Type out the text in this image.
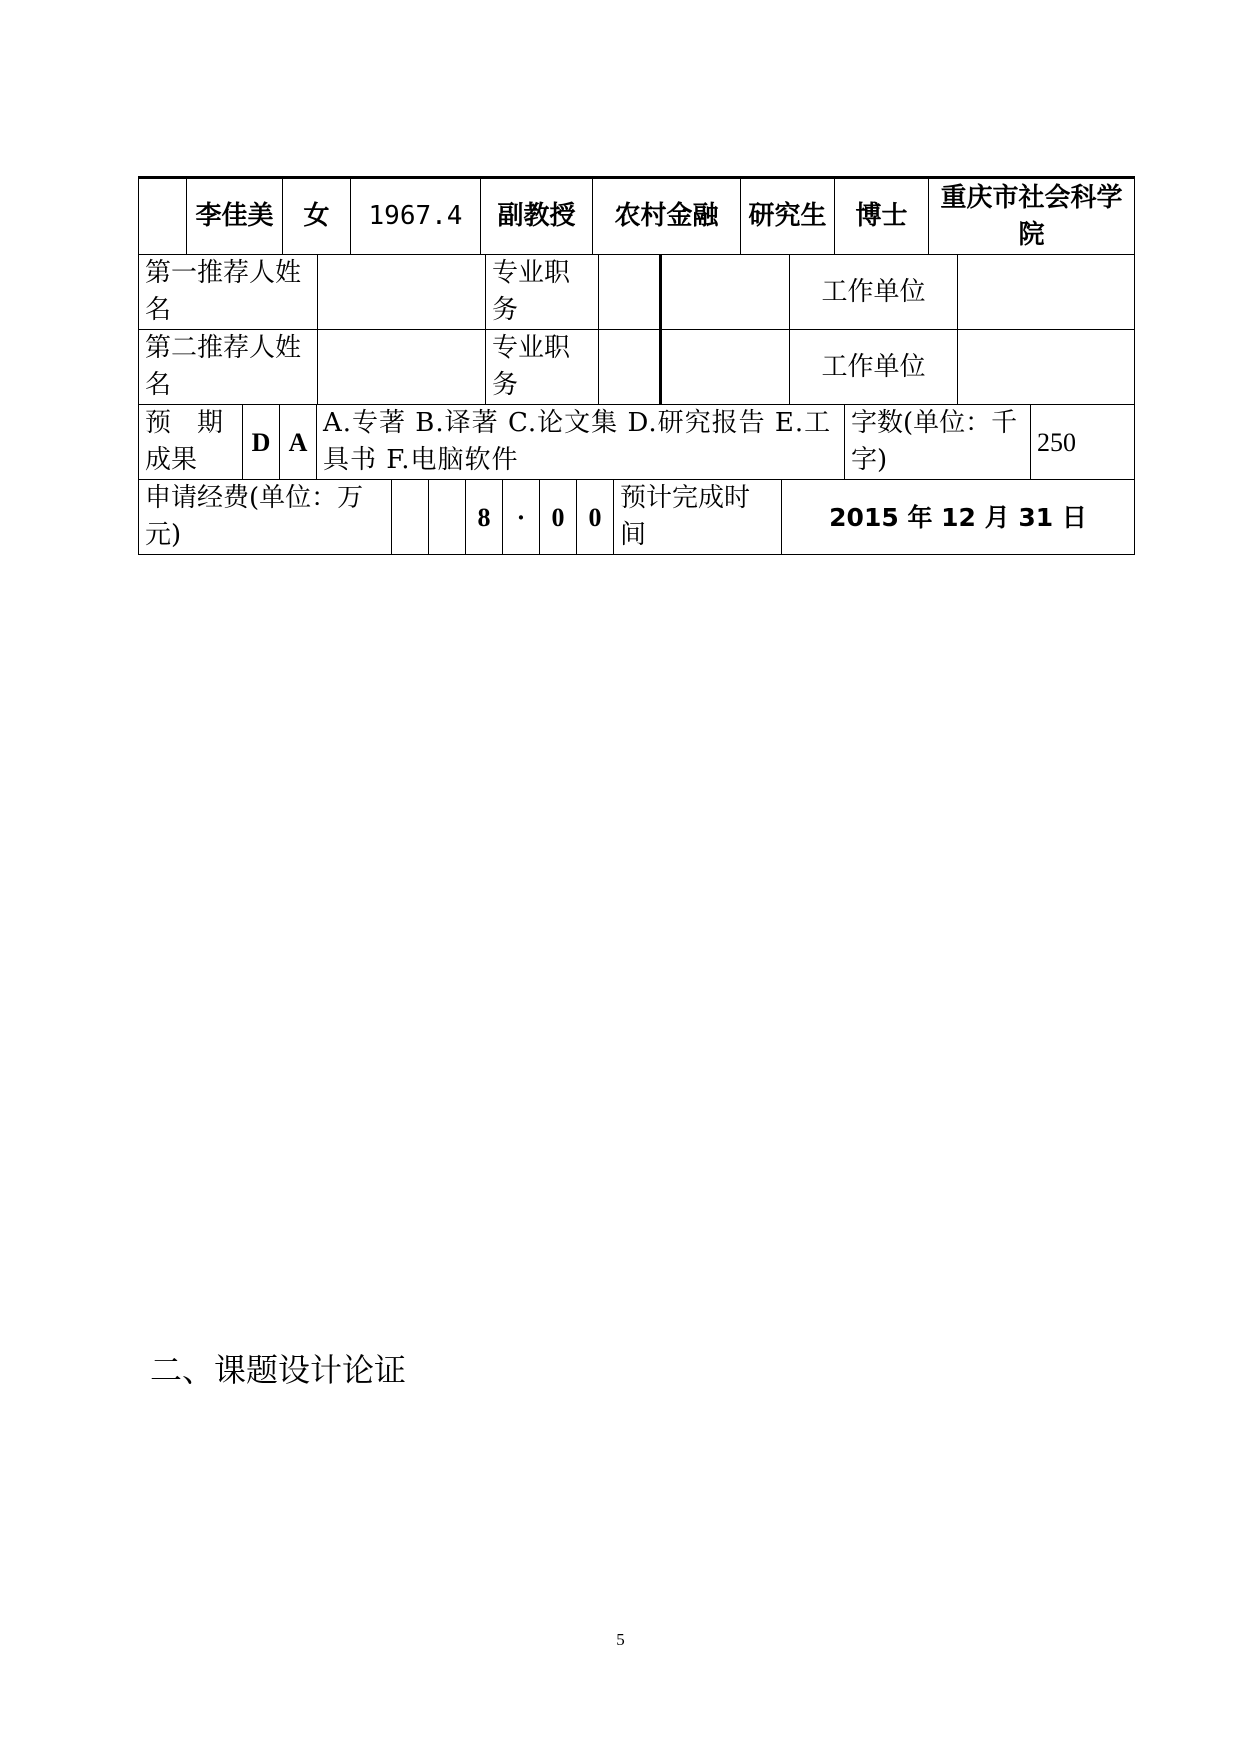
	李佳美	女	1967.4	副教授	农村金融	研究生	博士	重庆市社会科学院
第一推荐人姓名		专业职务			工作单位	
第二推荐人姓名		专业职务			工作单位	
预　期成果	D	A	A.专著 B.译著 C.论文集 D.研究报告 E.工具书 F.电脑软件	字数(单位：千字)	250
申请经费(单位：万元)			8	·	0	0	预计完成时间	2015 年 12 月 31 日
二、课题设计论证
5
